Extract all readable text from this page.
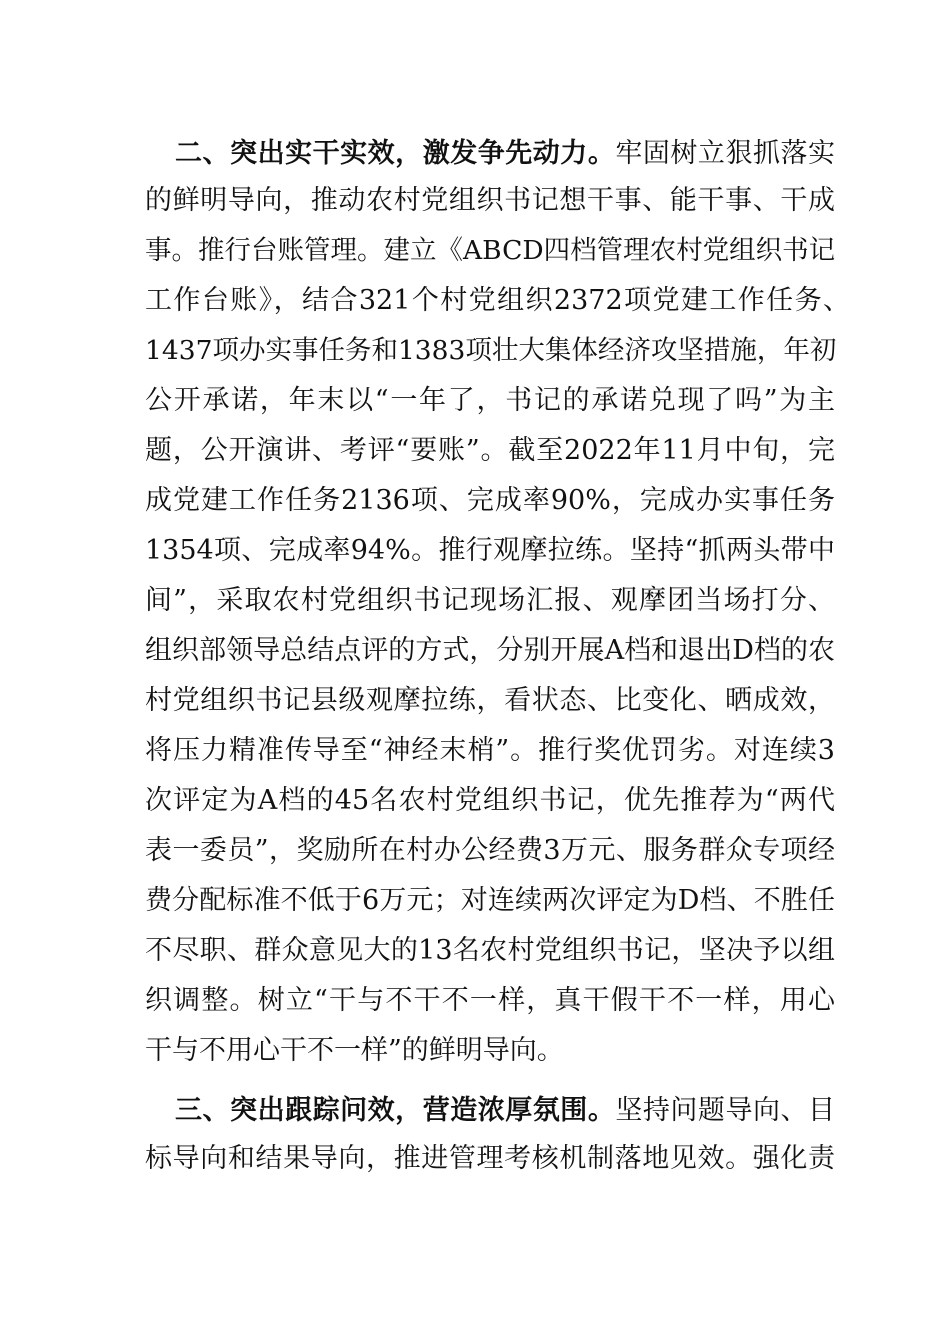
二、突出实干实效，激发争先动力。牢固树立狠抓落实
的鲜明导向，推动农村党组织书记想干事、能干事、干成
事。推行台账管理。建立《ABCD四档管理农村党组织书记
工作台账》，结合321个村党组织2372项党建工作任务、
1437项办实事任务和1383项壮大集体经济攻坚措施，年初
公开承诺，年末以“一年了，书记的承诺兑现了吗”为主
题，公开演讲、考评“要账”。截至2022年11月中旬，完
成党建工作任务2136项、完成率90%，完成办实事任务
1354项、完成率94%。推行观摩拉练。坚持“抓两头带中
间”，采取农村党组织书记现场汇报、观摩团当场打分、
组织部领导总结点评的方式，分别开展A档和退出D档的农
村党组织书记县级观摩拉练，看状态、比变化、晒成效，
将压力精准传导至“神经末梢”。推行奖优罚劣。对连续3
次评定为A档的45名农村党组织书记，优先推荐为“两代
表一委员”，奖励所在村办公经费3万元、服务群众专项经
费分配标准不低于6万元；对连续两次评定为D档、不胜任
不尽职、群众意见大的13名农村党组织书记，坚决予以组
织调整。树立“干与不干不一样，真干假干不一样，用心
干与不用心干不一样”的鲜明导向。
三、突出跟踪问效，营造浓厚氛围。坚持问题导向、目
标导向和结果导向，推进管理考核机制落地见效。强化责
